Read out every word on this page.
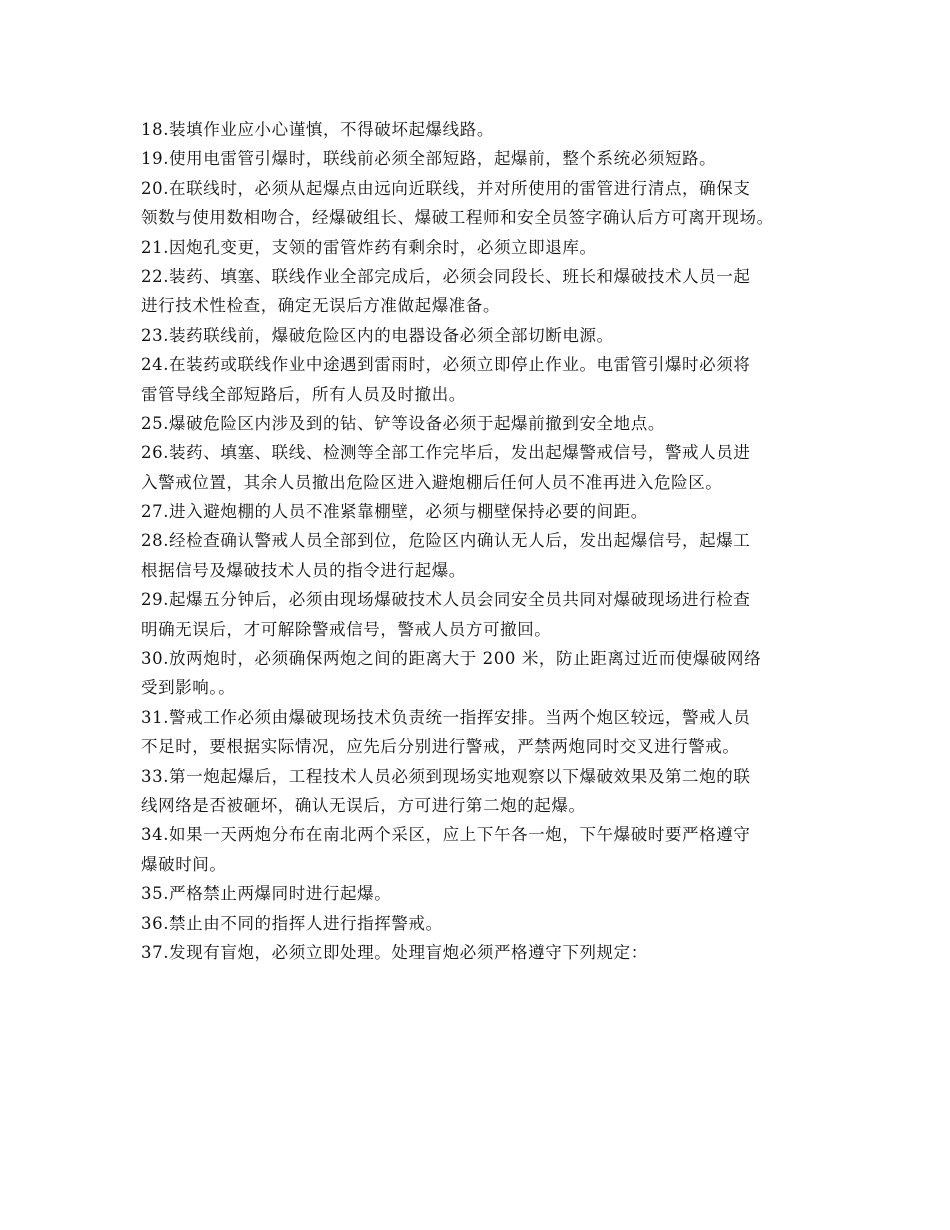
18.装填作业应小心谨慎，不得破坏起爆线路。
19.使用电雷管引爆时，联线前必须全部短路，起爆前，整个系统必须短路。
20.在联线时，必须从起爆点由远向近联线，并对所使用的雷管进行清点，确保支
领数与使用数相吻合，经爆破组长、爆破工程师和安全员签字确认后方可离开现场。
21.因炮孔变更，支领的雷管炸药有剩余时，必须立即退库。
22.装药、填塞、联线作业全部完成后，必须会同段长、班长和爆破技术人员一起
进行技术性检查，确定无误后方准做起爆准备。
23.装药联线前，爆破危险区内的电器设备必须全部切断电源。
24.在装药或联线作业中途遇到雷雨时，必须立即停止作业。电雷管引爆时必须将
雷管导线全部短路后，所有人员及时撤出。
25.爆破危险区内涉及到的钻、铲等设备必须于起爆前撤到安全地点。
26.装药、填塞、联线、检测等全部工作完毕后，发出起爆警戒信号，警戒人员进
入警戒位置，其余人员撤出危险区进入避炮棚后任何人员不准再进入危险区。
27.进入避炮棚的人员不准紧靠棚壁，必须与棚壁保持必要的间距。
28.经检查确认警戒人员全部到位，危险区内确认无人后，发出起爆信号，起爆工
根据信号及爆破技术人员的指令进行起爆。
29.起爆五分钟后，必须由现场爆破技术人员会同安全员共同对爆破现场进行检查
明确无误后，才可解除警戒信号，警戒人员方可撤回。
30.放两炮时，必须确保两炮之间的距离大于 200 米，防止距离过近而使爆破网络
受到影响。。
31.警戒工作必须由爆破现场技术负责统一指挥安排。当两个炮区较远，警戒人员
不足时，要根据实际情况，应先后分别进行警戒，严禁两炮同时交叉进行警戒。
33.第一炮起爆后，工程技术人员必须到现场实地观察以下爆破效果及第二炮的联
线网络是否被砸坏，确认无误后，方可进行第二炮的起爆。
34.如果一天两炮分布在南北两个采区，应上下午各一炮，下午爆破时要严格遵守
爆破时间。
35.严格禁止两爆同时进行起爆。
36.禁止由不同的指挥人进行指挥警戒。
37.发现有盲炮，必须立即处理。处理盲炮必须严格遵守下列规定：
